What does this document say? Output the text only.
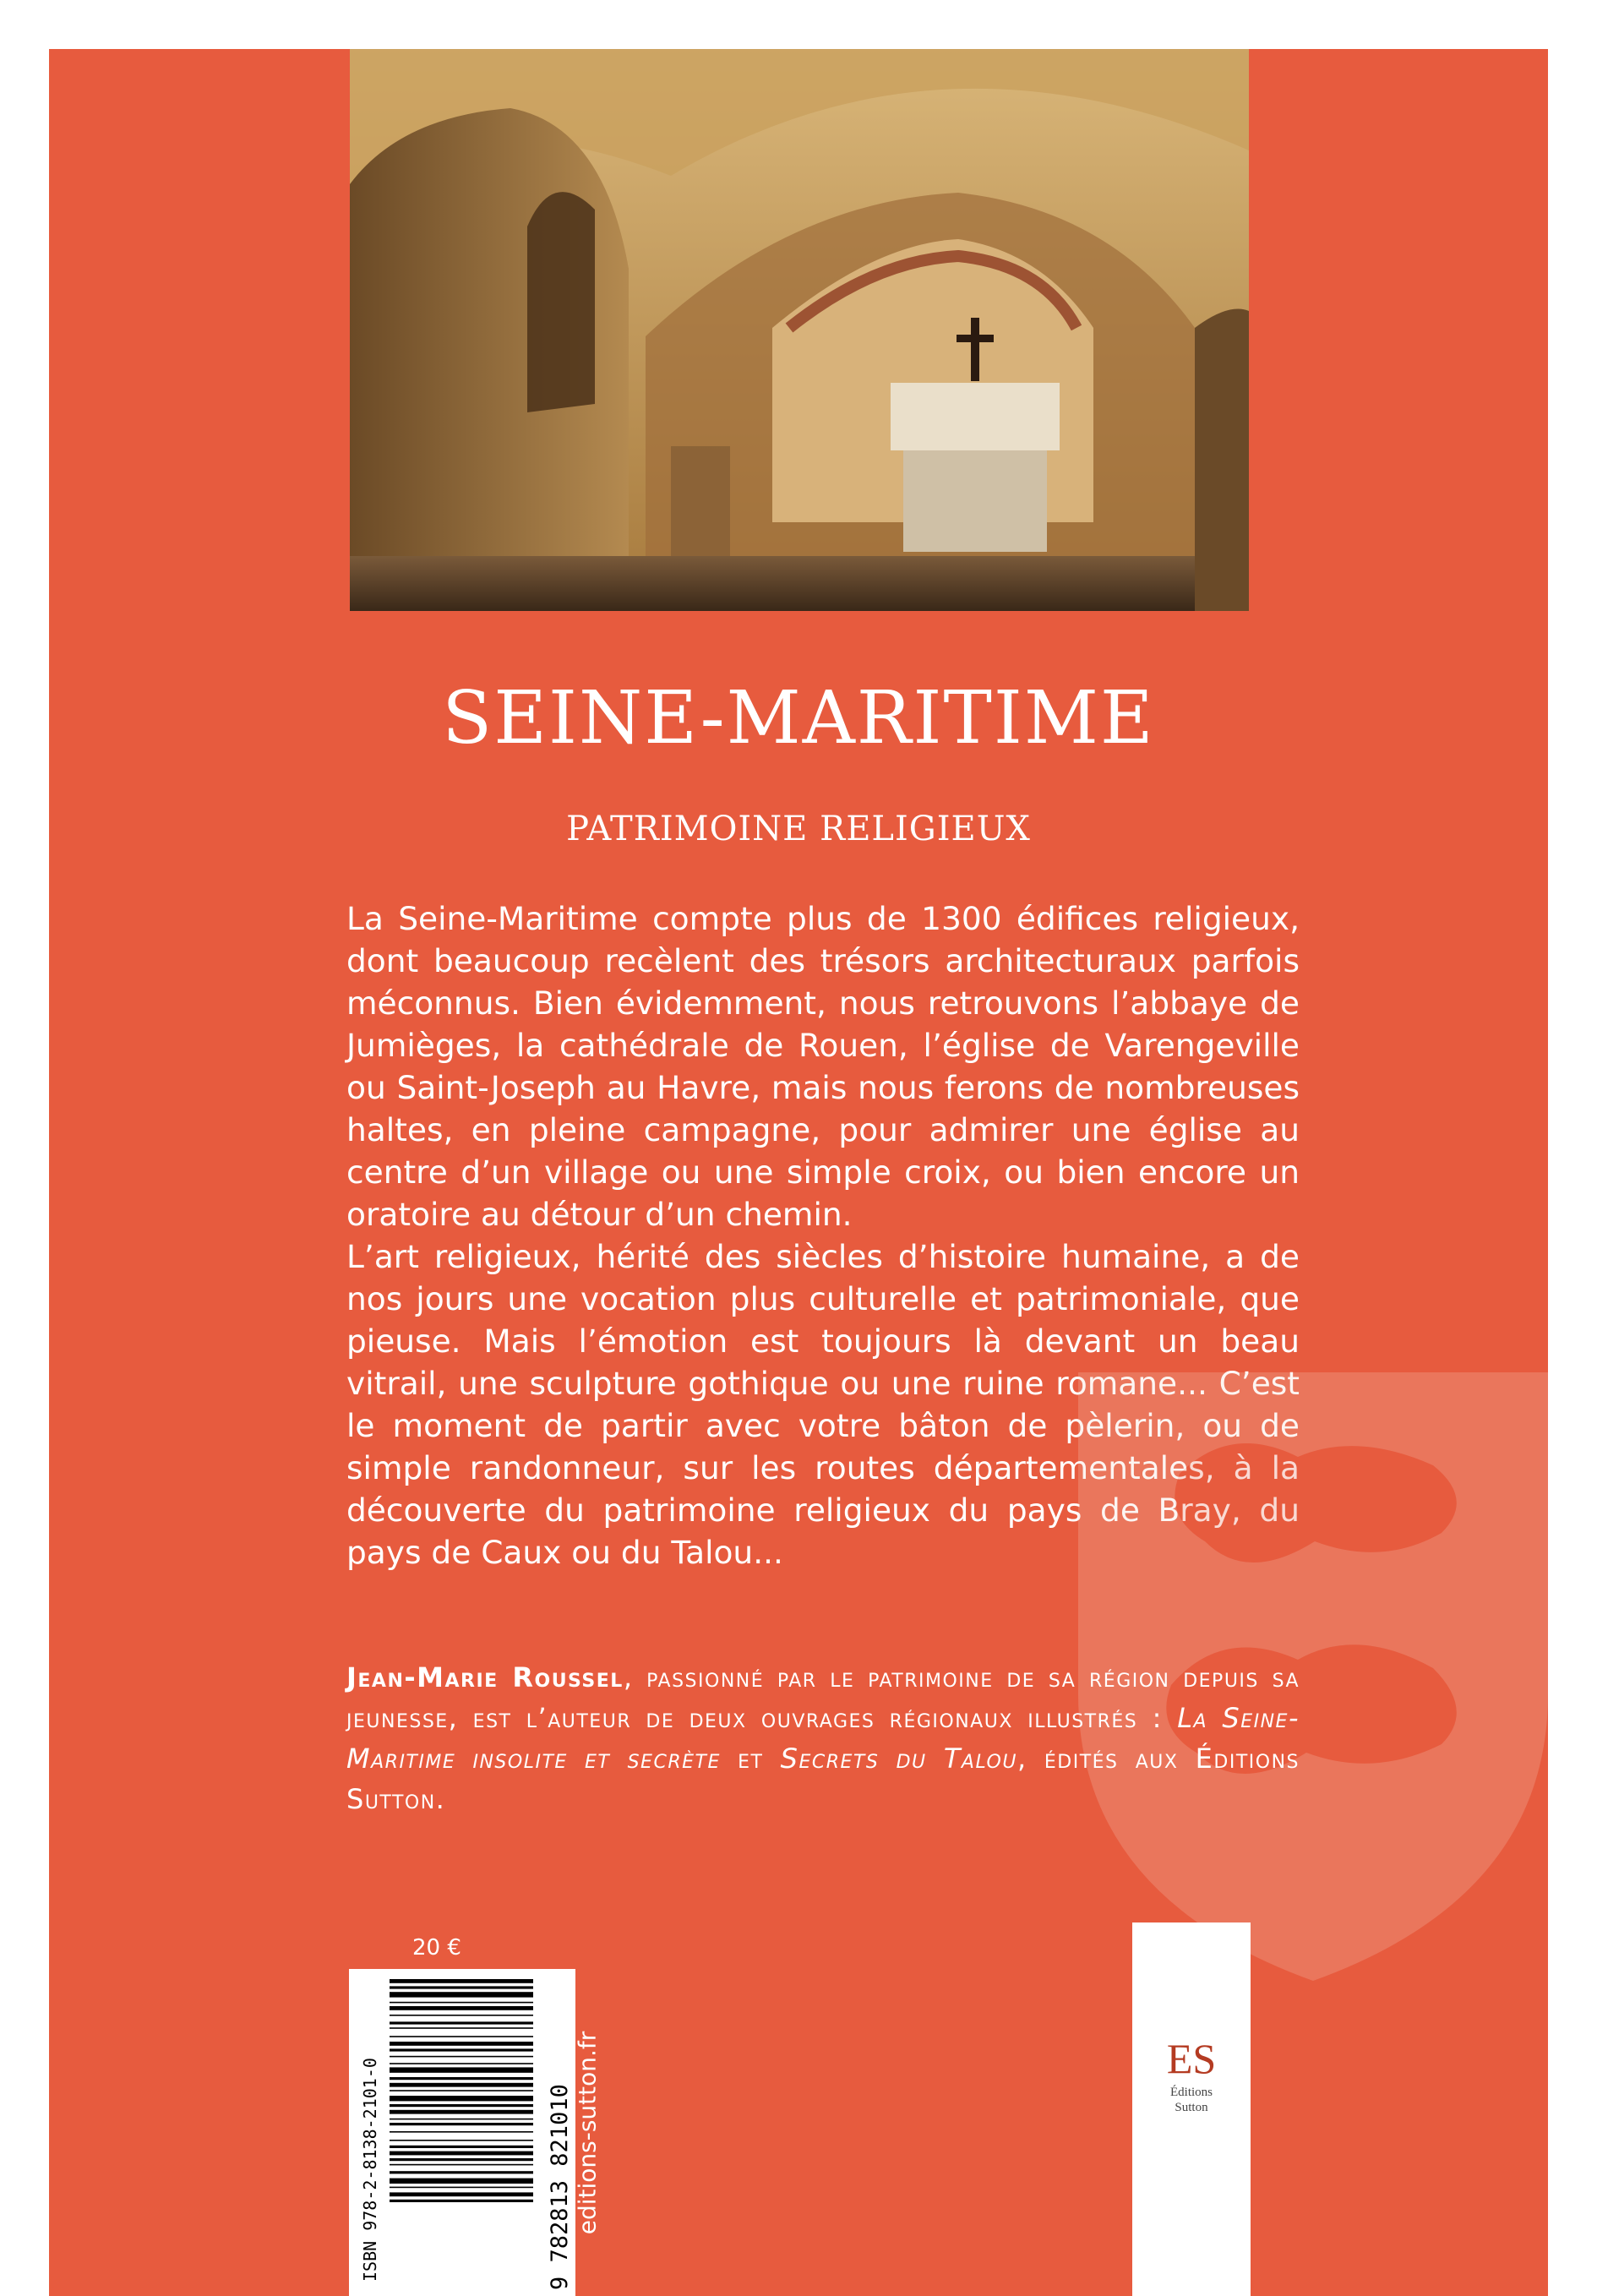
SEINE-MARITIME
PATRIMOINE RELIGIEUX

La Seine-Maritime compte plus de 1300 édifices religieux, dont beaucoup recèlent des trésors architecturaux parfois méconnus. Bien évidemment, nous retrouvons l’abbaye de Jumièges, la cathédrale de Rouen, l’église de Varengeville ou Saint-Joseph au Havre, mais nous ferons de nombreuses haltes, en pleine campagne, pour admirer une église au centre d’un village ou une simple croix, ou bien encore un oratoire au détour d’un chemin.

L’art religieux, hérité des siècles d’histoire humaine, a de nos jours une vocation plus culturelle et patrimoniale, que pieuse. Mais l’émotion est toujours là devant un beau vitrail, une sculpture gothique ou une ruine romane... C’est le moment de partir avec votre bâton de pèlerin, ou de simple randonneur, sur les routes départementales, à la découverte du patrimoine religieux du pays de Bray, du pays de Caux ou du Talou...

Jean-Marie Roussel, passionné par le patrimoine de sa région depuis sa jeunesse, est l’auteur de deux ouvrages régionaux illustrés : La Seine-Maritime insolite et secrète et Secrets du Talou, édités aux Éditions Sutton.

20 €
ISBN 978-2-8138-2101-0	9 782813 821010 editions-sutton.fr	ES
Éditions
Sutton
